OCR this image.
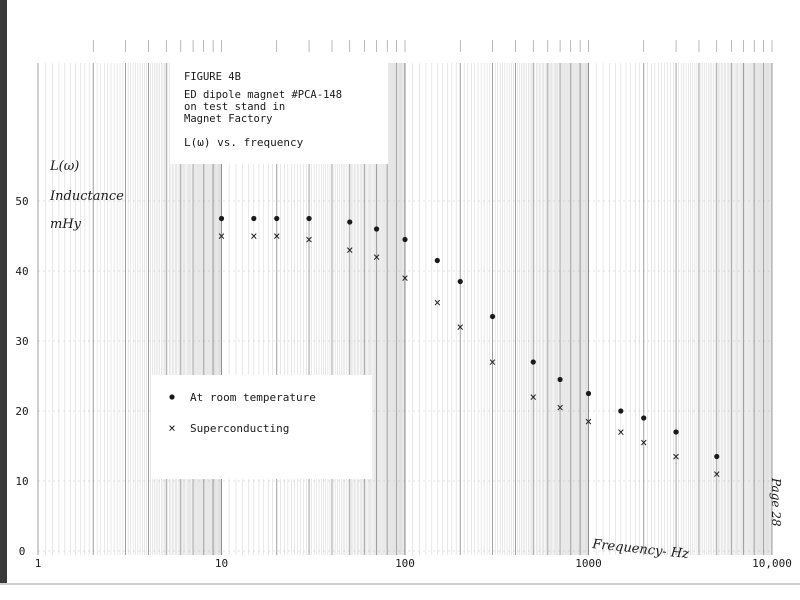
1	10	100	1000	10,000
0
10
20
30
40
50
FIGURE 4B
ED dipole magnet #PCA-148
on test stand in
Magnet Factory
L(ω) vs. frequency
At room temperature
× Superconducting
L(ω)
Inductance
mHy
Frequency- Hz
Page 28
× × × ×
× ×
×
×
×
×
×
×
×
×
×
×
×
